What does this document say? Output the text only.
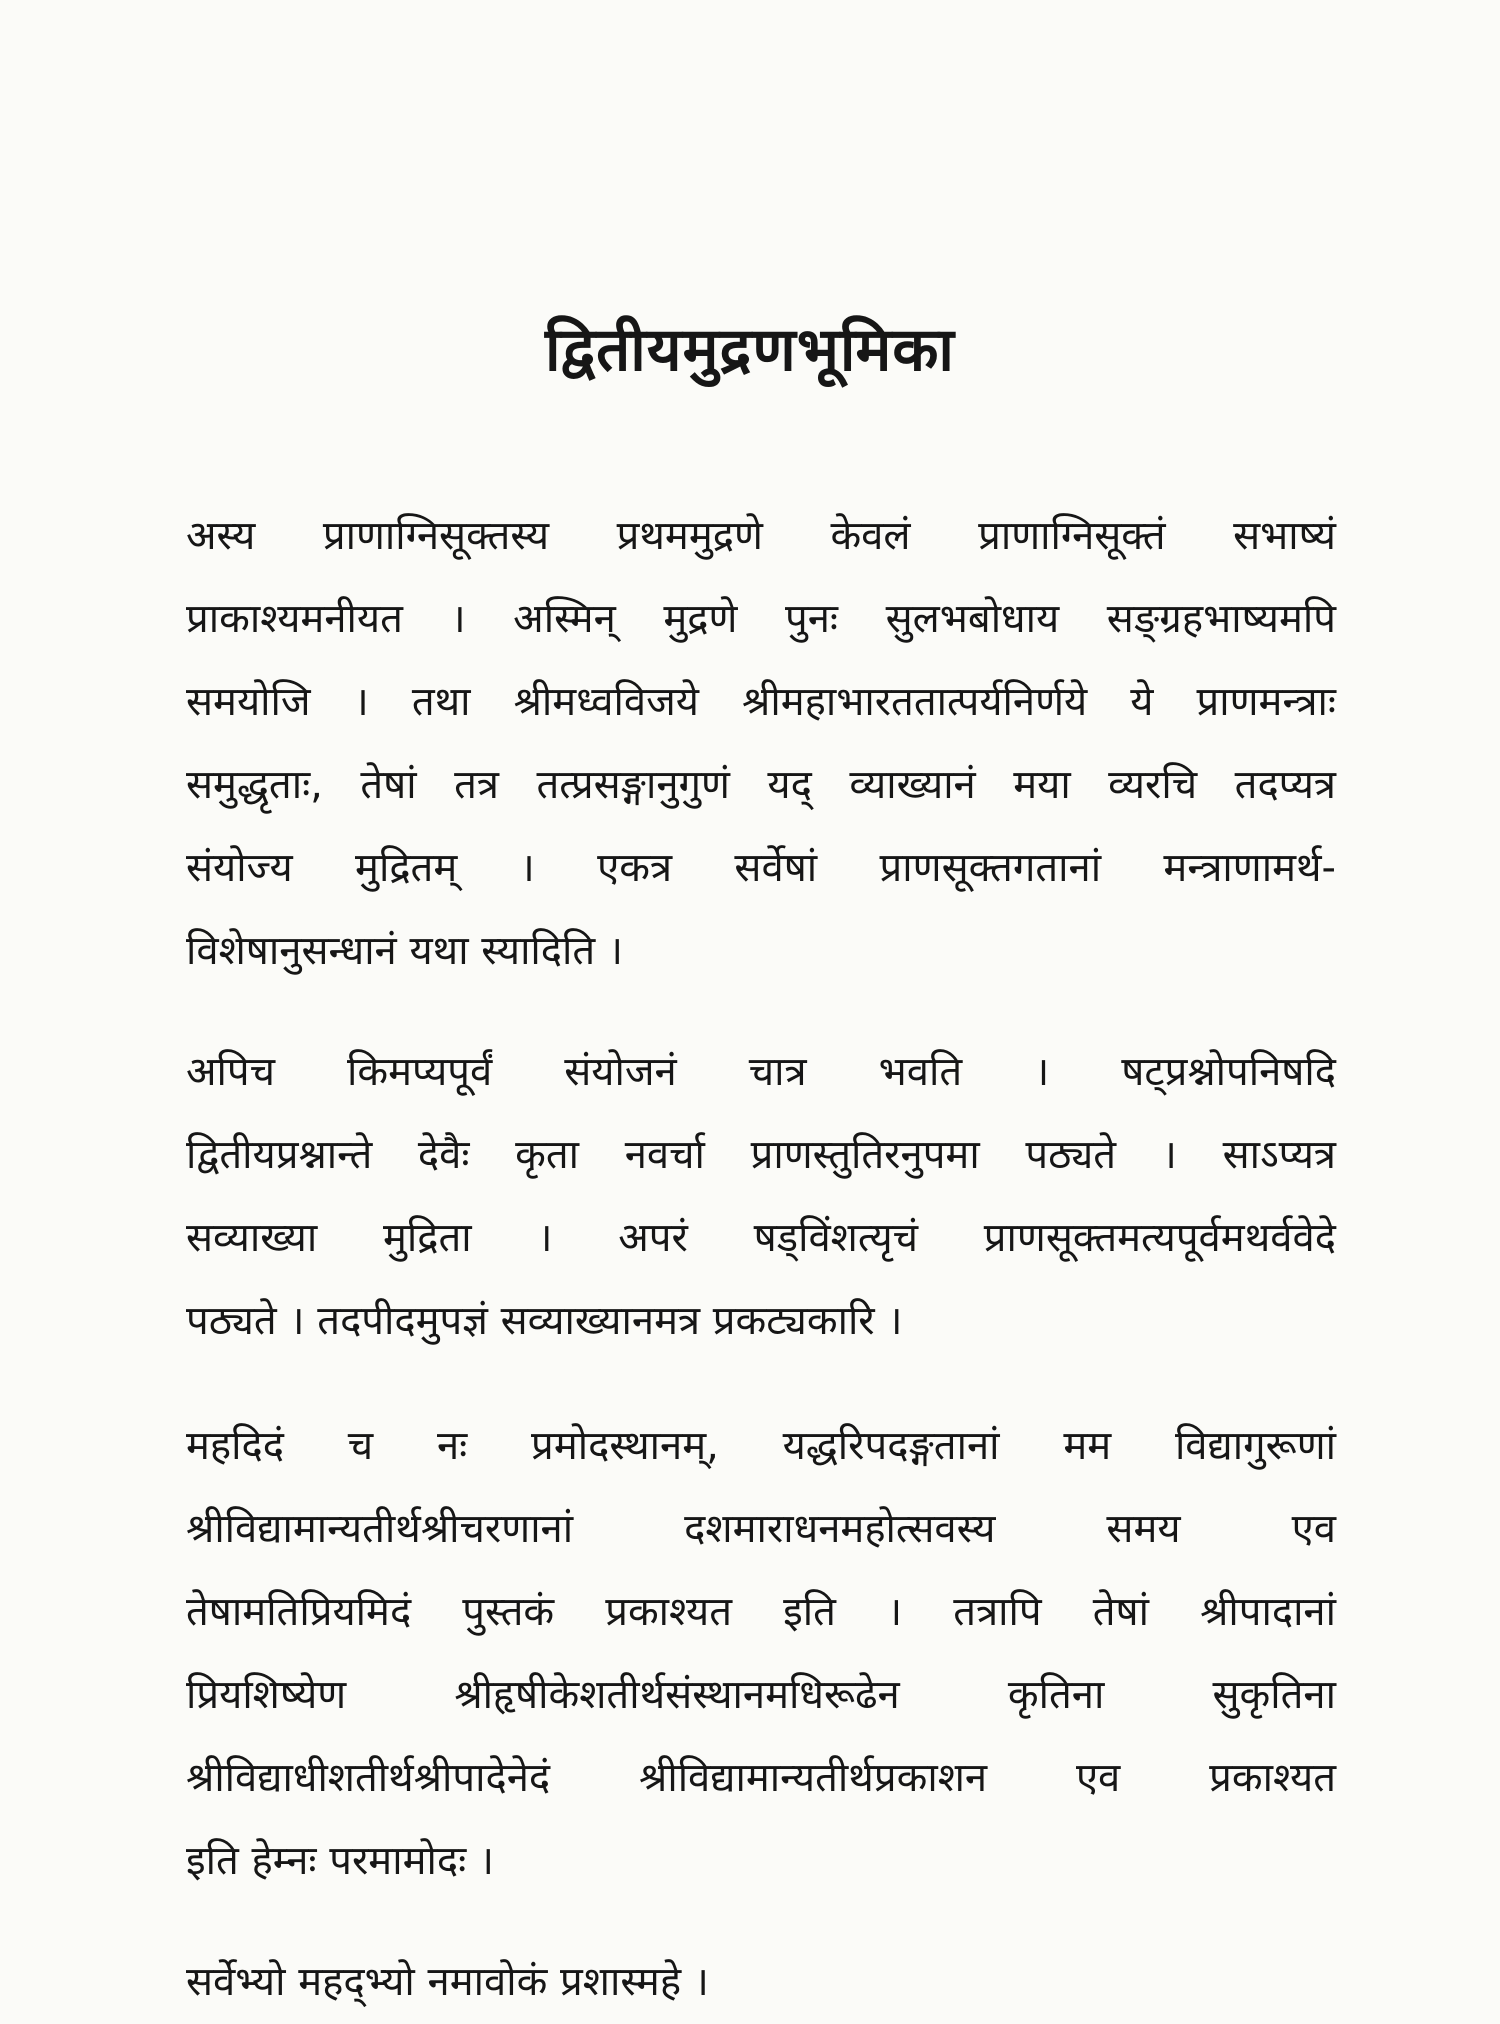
द्वितीयमुद्रणभूमिका

अस्य प्राणाग्निसूक्तस्य प्रथममुद्रणे केवलं प्राणाग्निसूक्तं सभाष्यं
प्राकाश्यमनीयत । अस्मिन् मुद्रणे पुनः सुलभबोधाय सङ्ग्रहभाष्यमपि
समयोजि । तथा श्रीमध्वविजये श्रीमहाभारततात्पर्यनिर्णये ये प्राणमन्त्राः
समुद्धृताः, तेषां तत्र तत्प्रसङ्गानुगुणं यद् व्याख्यानं मया व्यरचि तदप्यत्र
संयोज्य मुद्रितम् । एकत्र सर्वेषां प्राणसूक्तगतानां मन्त्राणामर्थ-
विशेषानुसन्धानं यथा स्यादिति ।

अपिच किमप्यपूर्वं संयोजनं चात्र भवति । षट्प्रश्नोपनिषदि
द्वितीयप्रश्नान्ते देवैः कृता नवर्चा प्राणस्तुतिरनुपमा पठ्यते । साऽप्यत्र
सव्याख्या मुद्रिता । अपरं षड्विंशत्यृचं प्राणसूक्तमत्यपूर्वमथर्ववेदे
पठ्यते । तदपीदमुपज्ञं सव्याख्यानमत्र प्रकट्यकारि ।

महदिदं च नः प्रमोदस्थानम्, यद्धरिपदङ्गतानां मम विद्यागुरूणां
श्रीविद्यामान्यतीर्थश्रीचरणानां दशमाराधनमहोत्सवस्य समय एव
तेषामतिप्रियमिदं पुस्तकं प्रकाश्यत इति । तत्रापि तेषां श्रीपादानां
प्रियशिष्येण श्रीहृषीकेशतीर्थसंस्थानमधिरूढेन कृतिना सुकृतिना
श्रीविद्याधीशतीर्थश्रीपादेनेदं श्रीविद्यामान्यतीर्थप्रकाशन एव प्रकाश्यत
इति हेम्नः परमामोदः ।

सर्वेभ्यो महद्भ्यो नमावोकं प्रशास्महे ।
